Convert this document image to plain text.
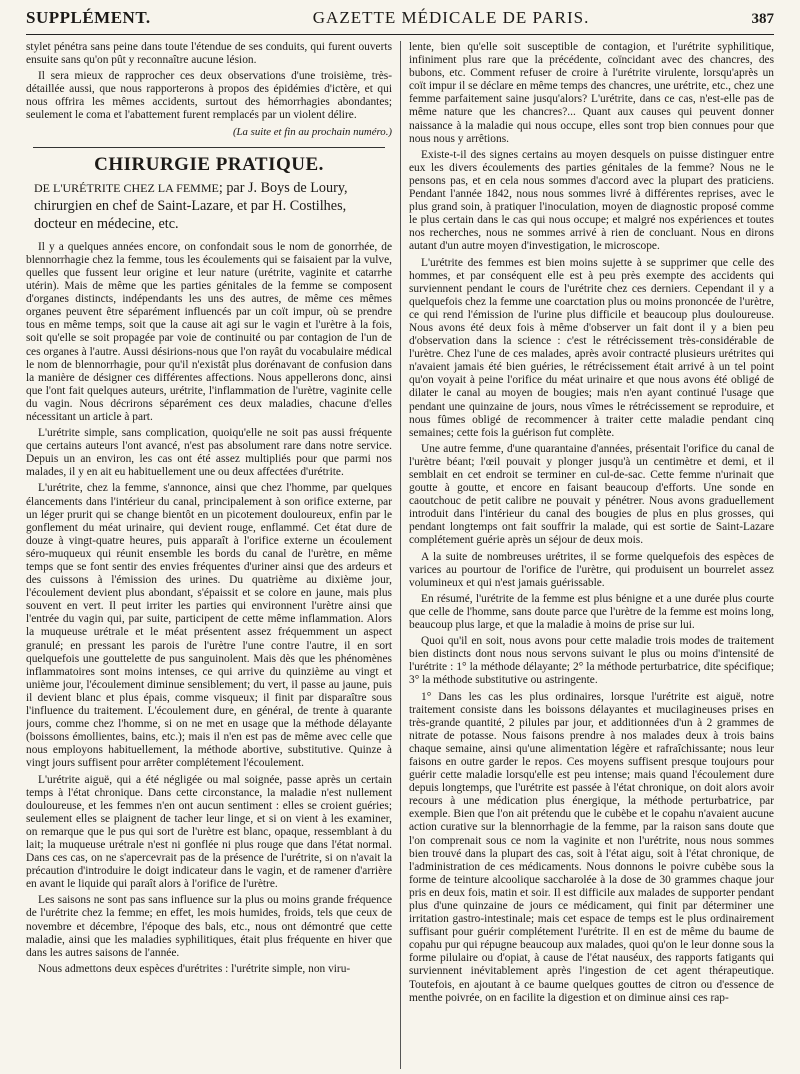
SUPPLÉMENT.	GAZETTE MÉDICALE DE PARIS.	387

stylet pénétra sans peine dans toute l'étendue de ses conduits, qui furent ouverts ensuite sans qu'on pût y reconnaître aucune lésion.

Il sera mieux de rapprocher ces deux observations d'une troisième, très-détaillée aussi, que nous rapporterons à propos des épidémies d'ictère, et qui nous offrira les mêmes accidents, surtout des hémorrhagies abondantes; seulement le coma et l'abattement furent remplacés par un violent délire.

(La suite et fin au prochain numéro.)
CHIRURGIE PRATIQUE.

DE L'URÉTRITE CHEZ LA FEMME; par J. Boys de Loury, chirurgien en chef de Saint-Lazare, et par H. Costilhes, docteur en médecine, etc.

Il y a quelques années encore, on confondait sous le nom de gonorrhée, de blennorrhagie chez la femme, tous les écoulements qui se faisaient par la vulve, quelles que fussent leur origine et leur nature (urétrite, vaginite et catarrhe utérin). Mais de même que les parties génitales de la femme se composent d'organes distincts, indépendants les uns des autres, de même ces mêmes organes peuvent être séparément influencés par un coït impur, où se prendre tous en même temps, soit que la cause ait agi sur le vagin et l'urètre à la fois, soit qu'elle se soit propagée par voie de continuité ou par contagion de l'un de ces organes à l'autre. Aussi désirions-nous que l'on rayât du vocabulaire médical le nom de blennorrhagie, pour qu'il n'existât plus dorénavant de confusion dans la manière de désigner ces différentes affections. Nous appellerons donc, ainsi que l'ont fait quelques auteurs, urétrite, l'inflammation de l'urètre, vaginite celle du vagin. Nous décrirons séparément ces deux maladies, chacune d'elles nécessitant un article à part.

L'urétrite simple, sans complication, quoiqu'elle ne soit pas aussi fréquente que certains auteurs l'ont avancé, n'est pas absolument rare dans notre service. Depuis un an environ, les cas ont été assez multipliés pour que parmi nos malades, il y en ait eu habituellement une ou deux affectées d'urétrite.

L'urétrite, chez la femme, s'annonce, ainsi que chez l'homme, par quelques élancements dans l'intérieur du canal, principalement à son orifice externe, par un léger prurit qui se change bientôt en un picotement douloureux, enfin par le gonflement du méat urinaire, qui devient rouge, enflammé. Cet état dure de douze à vingt-quatre heures, puis apparaît à l'orifice externe un écoulement séro-muqueux qui réunit ensemble les bords du canal de l'urètre, en même temps que se font sentir des envies fréquentes d'uriner ainsi que des ardeurs et des cuissons à l'émission des urines. Du quatrième au dixième jour, l'écoulement devient plus abondant, s'épaissit et se colore en jaune, mais plus souvent en vert. Il peut irriter les parties qui environnent l'urètre ainsi que l'entrée du vagin qui, par suite, participent de cette même inflammation. Alors la muqueuse urétrale et le méat présentent assez fréquemment un aspect granulé; en pressant les parois de l'urètre l'une contre l'autre, il en sort quelquefois une gouttelette de pus sanguinolent. Mais dès que les phénomènes inflammatoires sont moins intenses, ce qui arrive du quinzième au vingt et unième jour, l'écoulement diminue sensiblement; du vert, il passe au jaune, puis il devient blanc et plus épais, comme visqueux; il finit par disparaître sous l'influence du traitement. L'écoulement dure, en général, de trente à quarante jours, comme chez l'homme, si on ne met en usage que la méthode délayante (boissons émollientes, bains, etc.); mais il n'en est pas de même avec celle que nous employons habituellement, la méthode abortive, substitutive. Quinze à vingt jours suffisent pour arrêter complétement l'écoulement.

L'urétrite aiguë, qui a été négligée ou mal soignée, passe après un certain temps à l'état chronique. Dans cette circonstance, la maladie n'est nullement douloureuse, et les femmes n'en ont aucun sentiment : elles se croient guéries; seulement elles se plaignent de tacher leur linge, et si on vient à les examiner, on remarque que le pus qui sort de l'urètre est blanc, opaque, ressemblant à du lait; la muqueuse urétrale n'est ni gonflée ni plus rouge que dans l'état normal. Dans ces cas, on ne s'apercevrait pas de la présence de l'urétrite, si on n'avait la précaution d'introduire le doigt indicateur dans le vagin, et de ramener d'arrière en avant le liquide qui paraît alors à l'orifice de l'urètre.

Les saisons ne sont pas sans influence sur la plus ou moins grande fréquence de l'urétrite chez la femme; en effet, les mois humides, froids, tels que ceux de novembre et décembre, l'époque des bals, etc., nous ont démontré que cette maladie, ainsi que les maladies syphilitiques, était plus fréquente en hiver que dans les autres saisons de l'année.

Nous admettons deux espèces d'urétrites : l'urétrite simple, non viru-

lente, bien qu'elle soit susceptible de contagion, et l'urétrite syphilitique, infiniment plus rare que la précédente, coïncidant avec des chancres, des bubons, etc. Comment refuser de croire à l'urétrite virulente, lorsqu'après un coït impur il se déclare en même temps des chancres, une urétrite, etc., chez une femme parfaitement saine jusqu'alors? L'urétrite, dans ce cas, n'est-elle pas de même nature que les chancres?... Quant aux causes qui peuvent donner naissance à la maladie qui nous occupe, elles sont trop bien connues pour que nous nous y arrêtions.

Existe-t-il des signes certains au moyen desquels on puisse distinguer entre eux les divers écoulements des parties génitales de la femme? Nous ne le pensons pas, et en cela nous sommes d'accord avec la plupart des praticiens. Pendant l'année 1842, nous nous sommes livré à différentes reprises, avec le plus grand soin, à pratiquer l'inoculation, moyen de diagnostic proposé comme le plus certain dans le cas qui nous occupe; et malgré nos expériences et toutes nos recherches, nous ne sommes arrivé à rien de concluant. Nous en dirons autant d'un autre moyen d'investigation, le microscope.

L'urétrite des femmes est bien moins sujette à se supprimer que celle des hommes, et par conséquent elle est à peu près exempte des accidents qui surviennent pendant le cours de l'urétrite chez ces derniers. Cependant il y a quelquefois chez la femme une coarctation plus ou moins prononcée de l'urètre, ce qui rend l'émission de l'urine plus difficile et beaucoup plus douloureuse. Nous avons été deux fois à même d'observer un fait dont il y a bien peu d'observation dans la science : c'est le rétrécissement très-considérable de l'urètre. Chez l'une de ces malades, après avoir contracté plusieurs urétrites qui n'avaient jamais été bien guéries, le rétrécissement était arrivé à un tel point qu'on voyait à peine l'orifice du méat urinaire et que nous avons été obligé de dilater le canal au moyen de bougies; mais n'en ayant continué l'usage que pendant une quinzaine de jours, nous vîmes le rétrécissement se reproduire, et nous fûmes obligé de recommencer à traiter cette maladie pendant cinq semaines; cette fois la guérison fut complète.

Une autre femme, d'une quarantaine d'années, présentait l'orifice du canal de l'urètre béant; l'œil pouvait y plonger jusqu'à un centimètre et demi, et il semblait en cet endroit se terminer en cul-de-sac. Cette femme n'urinait que goutte à goutte, et encore en faisant beaucoup d'efforts. Une sonde en caoutchouc de petit calibre ne pouvait y pénétrer. Nous avons graduellement introduit dans l'intérieur du canal des bougies de plus en plus grosses, qui pendant longtemps ont fait souffrir la malade, qui est sortie de Saint-Lazare complétement guérie après un séjour de deux mois.

A la suite de nombreuses urétrites, il se forme quelquefois des espèces de varices au pourtour de l'orifice de l'urètre, qui produisent un bourrelet assez volumineux et qui n'est jamais guérissable.

En résumé, l'urétrite de la femme est plus bénigne et a une durée plus courte que celle de l'homme, sans doute parce que l'urètre de la femme est moins long, beaucoup plus large, et que la maladie à moins de prise sur lui.

Quoi qu'il en soit, nous avons pour cette maladie trois modes de traitement bien distincts dont nous nous servons suivant le plus ou moins d'intensité de l'urétrite : 1° la méthode délayante; 2° la méthode perturbatrice, dite spécifique; 3° la méthode substitutive ou astringente.

1° Dans les cas les plus ordinaires, lorsque l'urétrite est aiguë, notre traitement consiste dans les boissons délayantes et mucilagineuses prises en très-grande quantité, 2 pilules par jour, et additionnées d'un à 2 grammes de nitrate de potasse. Nous faisons prendre à nos malades deux à trois bains chaque semaine, ainsi qu'une alimentation légère et rafraîchissante; nous leur faisons en outre garder le repos. Ces moyens suffisent presque toujours pour guérir cette maladie lorsqu'elle est peu intense; mais quand l'écoulement dure depuis longtemps, que l'urétrite est passée à l'état chronique, on doit alors avoir recours à une médication plus énergique, la méthode perturbatrice, par exemple. Bien que l'on ait prétendu que le cubèbe et le copahu n'avaient aucune action curative sur la blennorrhagie de la femme, par la raison sans doute que l'on comprenait sous ce nom la vaginite et non l'urétrite, nous nous sommes bien trouvé dans la plupart des cas, soit à l'état aigu, soit à l'état chronique, de l'administration de ces médicaments. Nous donnons le poivre cubèbe sous la forme de teinture alcoolique saccharolée à la dose de 30 grammes chaque jour pris en deux fois, matin et soir. Il est difficile aux malades de supporter pendant plus d'une quinzaine de jours ce médicament, qui finit par déterminer une irritation gastro-intestinale; mais cet espace de temps est le plus ordinairement suffisant pour guérir complétement l'urétrite. Il en est de même du baume de copahu pur qui répugne beaucoup aux malades, quoi qu'on le leur donne sous la forme pilulaire ou d'opiat, à cause de l'état nauséux, des rapports fatigants qui surviennent inévitablement après l'ingestion de cet agent thérapeutique. Toutefois, en ajoutant à ce baume quelques gouttes de citron ou d'essence de menthe poivrée, on en facilite la digestion et on diminue ainsi ces rap-
